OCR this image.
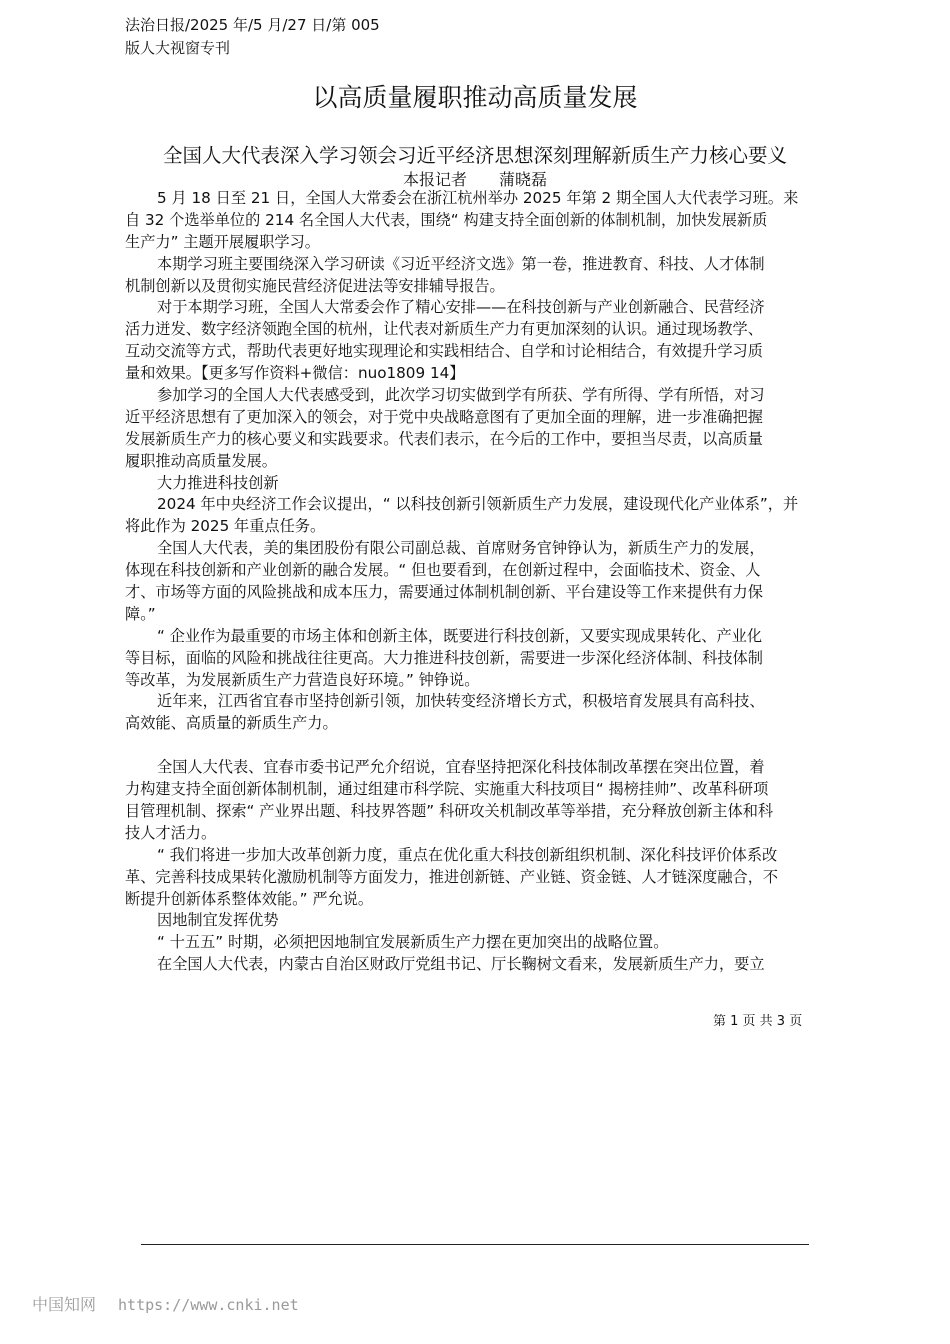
法治日报/2025 年/5 月/27 日/第 005
版人大视窗专刊
以高质量履职推动高质量发展
全国人大代表深入学习领会习近平经济思想深刻理解新质生产力核心要义
本报记者　　蒲晓磊
5 月 18 日至 21 日，全国人大常委会在浙江杭州举办 2025 年第 2 期全国人大代表学习班。来
自 32 个选举单位的 214 名全国人大代表，围绕“ 构建支持全面创新的体制机制，加快发展新质
生产力” 主题开展履职学习。
本期学习班主要围绕深入学习研读《习近平经济文选》第一卷，推进教育、科技、人才体制
机制创新以及贯彻实施民营经济促进法等安排辅导报告。
对于本期学习班，全国人大常委会作了精心安排——在科技创新与产业创新融合、民营经济
活力迸发、数字经济领跑全国的杭州，让代表对新质生产力有更加深刻的认识。通过现场教学、
互动交流等方式，帮助代表更好地实现理论和实践相结合、自学和讨论相结合，有效提升学习质
量和效果。【更多写作资料+微信：nuo1809 14】
参加学习的全国人大代表感受到，此次学习切实做到学有所获、学有所得、学有所悟，对习
近平经济思想有了更加深入的领会，对于党中央战略意图有了更加全面的理解，进一步准确把握
发展新质生产力的核心要义和实践要求。代表们表示，在今后的工作中，要担当尽责，以高质量
履职推动高质量发展。
大力推进科技创新
2024 年中央经济工作会议提出，“ 以科技创新引领新质生产力发展，建设现代化产业体系”，并
将此作为 2025 年重点任务。
全国人大代表，美的集团股份有限公司副总裁、首席财务官钟铮认为，新质生产力的发展，
体现在科技创新和产业创新的融合发展。“ 但也要看到，在创新过程中，会面临技术、资金、人
才、市场等方面的风险挑战和成本压力，需要通过体制机制创新、平台建设等工作来提供有力保
障。”
“ 企业作为最重要的市场主体和创新主体，既要进行科技创新，又要实现成果转化、产业化
等目标，面临的风险和挑战往往更高。大力推进科技创新，需要进一步深化经济体制、科技体制
等改革，为发展新质生产力营造良好环境。” 钟铮说。
近年来，江西省宜春市坚持创新引领，加快转变经济增长方式，积极培育发展具有高科技、
高效能、高质量的新质生产力。
全国人大代表、宜春市委书记严允介绍说，宜春坚持把深化科技体制改革摆在突出位置，着
力构建支持全面创新体制机制，通过组建市科学院、实施重大科技项目“ 揭榜挂帅”、改革科研项
目管理机制、探索“ 产业界出题、科技界答题” 科研攻关机制改革等举措，充分释放创新主体和科
技人才活力。
“ 我们将进一步加大改革创新力度，重点在优化重大科技创新组织机制、深化科技评价体系改
革、完善科技成果转化激励机制等方面发力，推进创新链、产业链、资金链、人才链深度融合，不
断提升创新体系整体效能。” 严允说。
因地制宜发挥优势
“ 十五五” 时期，必须把因地制宜发展新质生产力摆在更加突出的战略位置。
在全国人大代表，内蒙古自治区财政厅党组书记、厅长鞠树文看来，发展新质生产力，要立
第 1 页 共 3 页
中国知网 https://www.cnki.net
